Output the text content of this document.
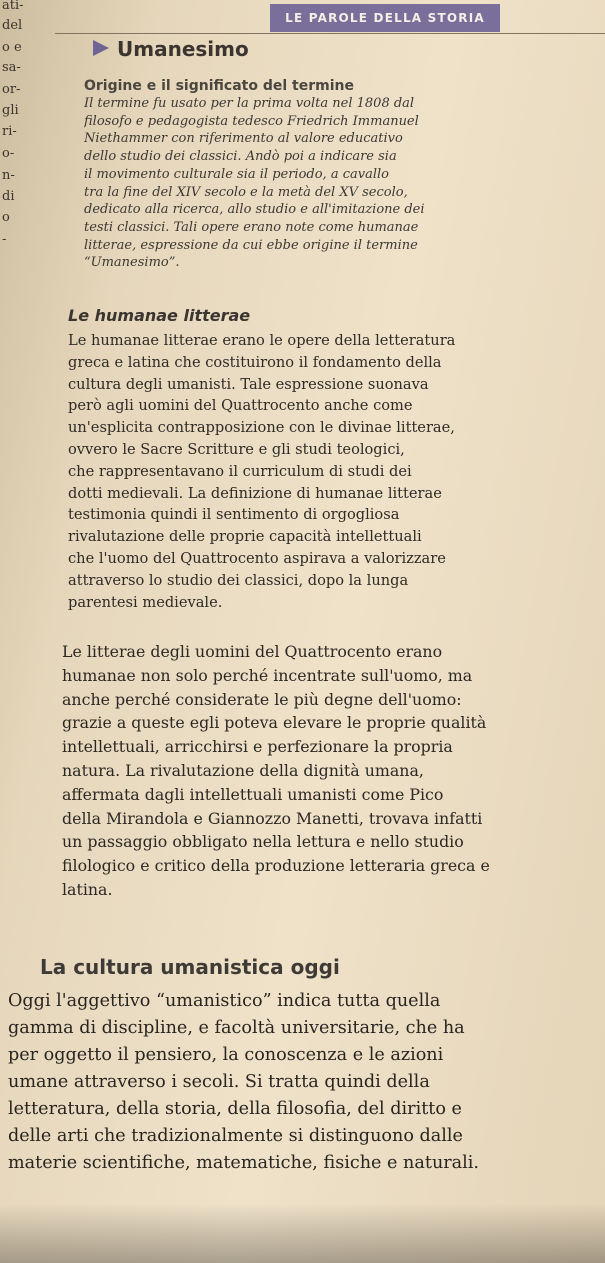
ati-
del
o e
sa-
or-
gli
ri-
o-
n-
di
o
-
LE PAROLE DELLA STORIA
Umanesimo
Origine e il significato del termine
Il termine fu usato per la prima volta nel 1808 dal
filosofo e pedagogista tedesco Friedrich Immanuel
Niethammer con riferimento al valore educativo
dello studio dei classici. Andò poi a indicare sia
il movimento culturale sia il periodo, a cavallo
tra la fine del XIV secolo e la metà del XV secolo,
dedicato alla ricerca, allo studio e all'imitazione dei
testi classici. Tali opere erano note come humanae
litterae, espressione da cui ebbe origine il termine
“Umanesimo”.
Le humanae litterae
Le humanae litterae erano le opere della letteratura
greca e latina che costituirono il fondamento della
cultura degli umanisti. Tale espressione suonava
però agli uomini del Quattrocento anche come
un'esplicita contrapposizione con le divinae litterae,
ovvero le Sacre Scritture e gli studi teologici,
che rappresentavano il curriculum di studi dei
dotti medievali. La definizione di humanae litterae
testimonia quindi il sentimento di orgogliosa
rivalutazione delle proprie capacità intellettuali
che l'uomo del Quattrocento aspirava a valorizzare
attraverso lo studio dei classici, dopo la lunga
parentesi medievale.
Le litterae degli uomini del Quattrocento erano
humanae non solo perché incentrate sull'uomo, ma
anche perché considerate le più degne dell'uomo:
grazie a queste egli poteva elevare le proprie qualità
intellettuali, arricchirsi e perfezionare la propria
natura. La rivalutazione della dignità umana,
affermata dagli intellettuali umanisti come Pico
della Mirandola e Giannozzo Manetti, trovava infatti
un passaggio obbligato nella lettura e nello studio
filologico e critico della produzione letteraria greca e
latina.
La cultura umanistica oggi
Oggi l'aggettivo “umanistico” indica tutta quella
gamma di discipline, e facoltà universitarie, che ha
per oggetto il pensiero, la conoscenza e le azioni
umane attraverso i secoli. Si tratta quindi della
letteratura, della storia, della filosofia, del diritto e
delle arti che tradizionalmente si distinguono dalle
materie scientifiche, matematiche, fisiche e naturali.
